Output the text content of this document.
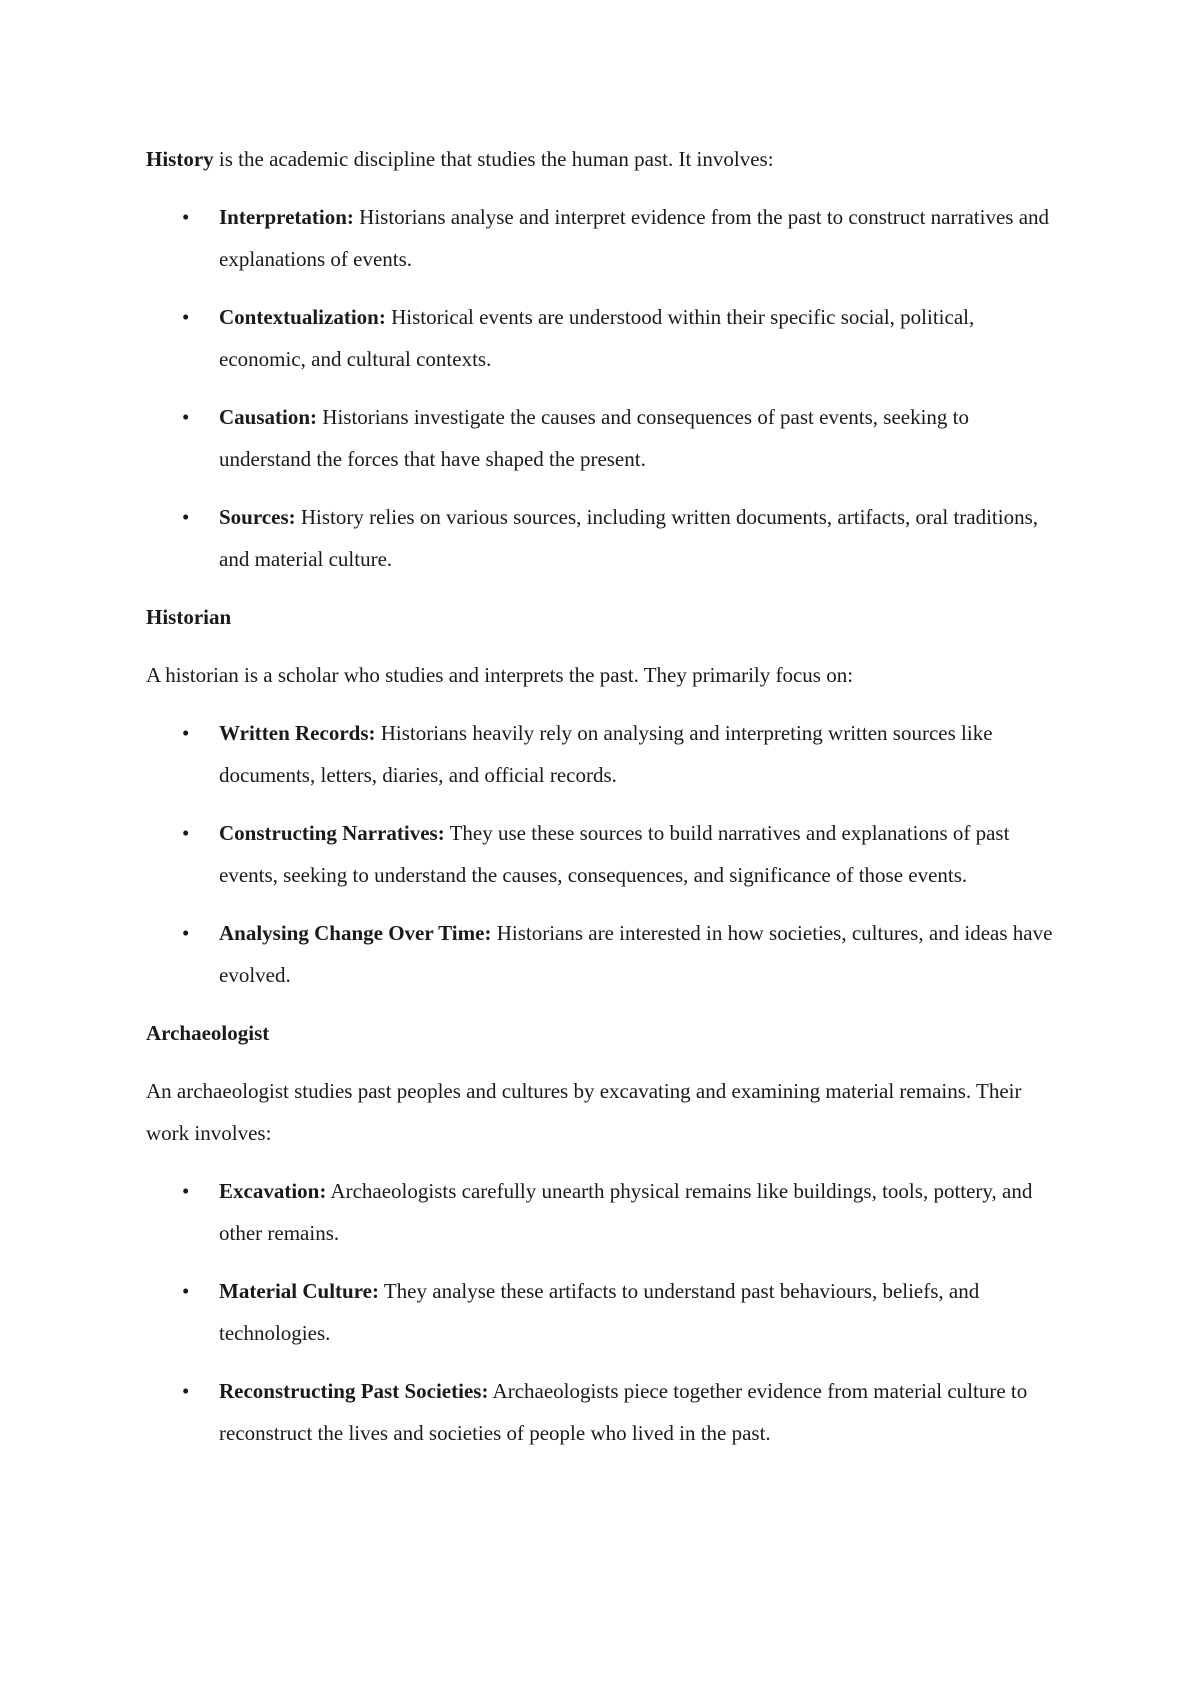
History is the academic discipline that studies the human past. It involves:

•	Interpretation: Historians analyse and interpret evidence from the past to construct narratives and explanations of events.
•	Contextualization: Historical events are understood within their specific social, political, economic, and cultural contexts.
•	Causation: Historians investigate the causes and consequences of past events, seeking to understand the forces that have shaped the present.
•	Sources: History relies on various sources, including written documents, artifacts, oral traditions, and material culture.

Historian

A historian is a scholar who studies and interprets the past. They primarily focus on:

•	Written Records: Historians heavily rely on analysing and interpreting written sources like documents, letters, diaries, and official records.
•	Constructing Narratives: They use these sources to build narratives and explanations of past events, seeking to understand the causes, consequences, and significance of those events.
•	Analysing Change Over Time: Historians are interested in how societies, cultures, and ideas have evolved.

Archaeologist

An archaeologist studies past peoples and cultures by excavating and examining material remains. Their work involves:

•	Excavation: Archaeologists carefully unearth physical remains like buildings, tools, pottery, and other remains.
•	Material Culture: They analyse these artifacts to understand past behaviours, beliefs, and technologies.
•	Reconstructing Past Societies: Archaeologists piece together evidence from material culture to reconstruct the lives and societies of people who lived in the past.
